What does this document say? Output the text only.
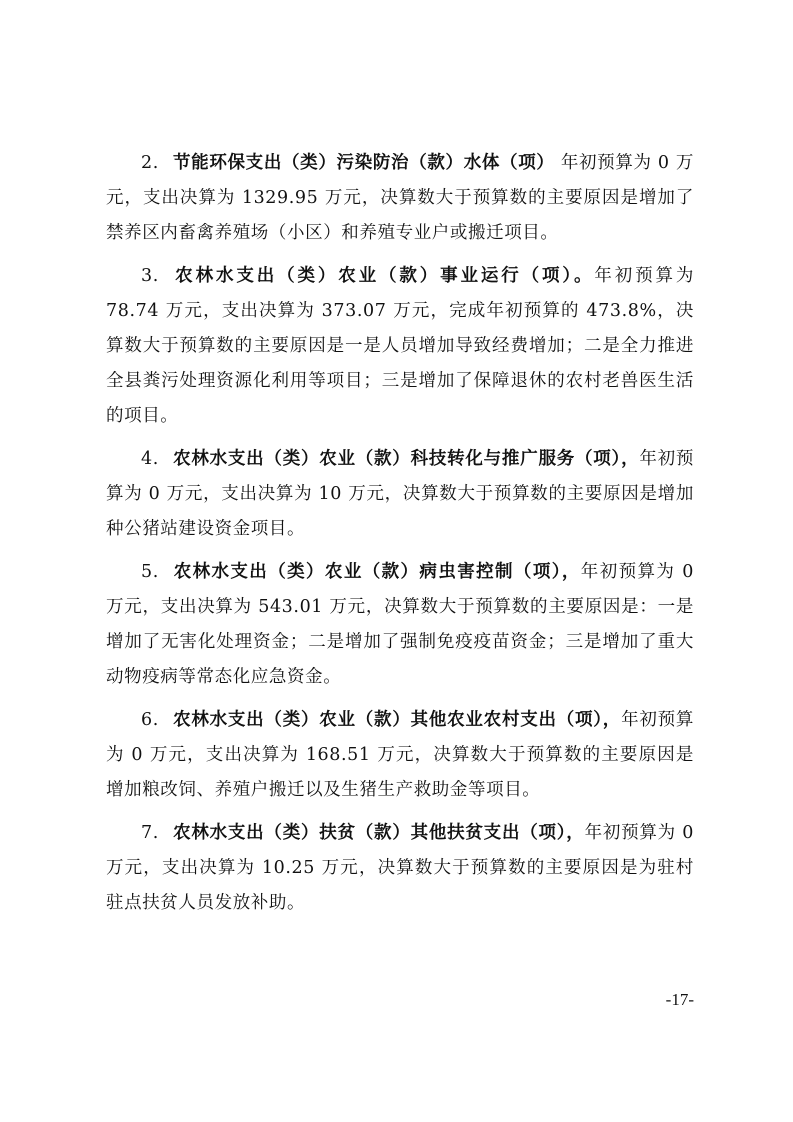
2. 节能环保支出（类）污染防治（款）水体（项） 年初预算为 0 万元，支出决算为 1329.95 万元，决算数大于预算数的主要原因是增加了禁养区内畜禽养殖场（小区）和养殖专业户或搬迁项目。

3. 农林水支出（类）农业（款）事业运行（项）。年初预算为 78.74 万元，支出决算为 373.07 万元，完成年初预算的 473.8%，决算数大于预算数的主要原因是一是人员增加导致经费增加；二是全力推进全县粪污处理资源化利用等项目；三是增加了保障退休的农村老兽医生活的项目。

4. 农林水支出（类）农业（款）科技转化与推广服务（项），年初预算为 0 万元，支出决算为 10 万元，决算数大于预算数的主要原因是增加种公猪站建设资金项目。

5. 农林水支出（类）农业（款）病虫害控制（项），年初预算为 0 万元，支出决算为 543.01 万元，决算数大于预算数的主要原因是：一是增加了无害化处理资金；二是增加了强制免疫疫苗资金；三是增加了重大动物疫病等常态化应急资金。

6. 农林水支出（类）农业（款）其他农业农村支出（项），年初预算为 0 万元，支出决算为 168.51 万元，决算数大于预算数的主要原因是增加粮改饲、养殖户搬迁以及生猪生产救助金等项目。

7. 农林水支出（类）扶贫（款）其他扶贫支出（项），年初预算为 0 万元，支出决算为 10.25 万元，决算数大于预算数的主要原因是为驻村驻点扶贫人员发放补助。

-17-
